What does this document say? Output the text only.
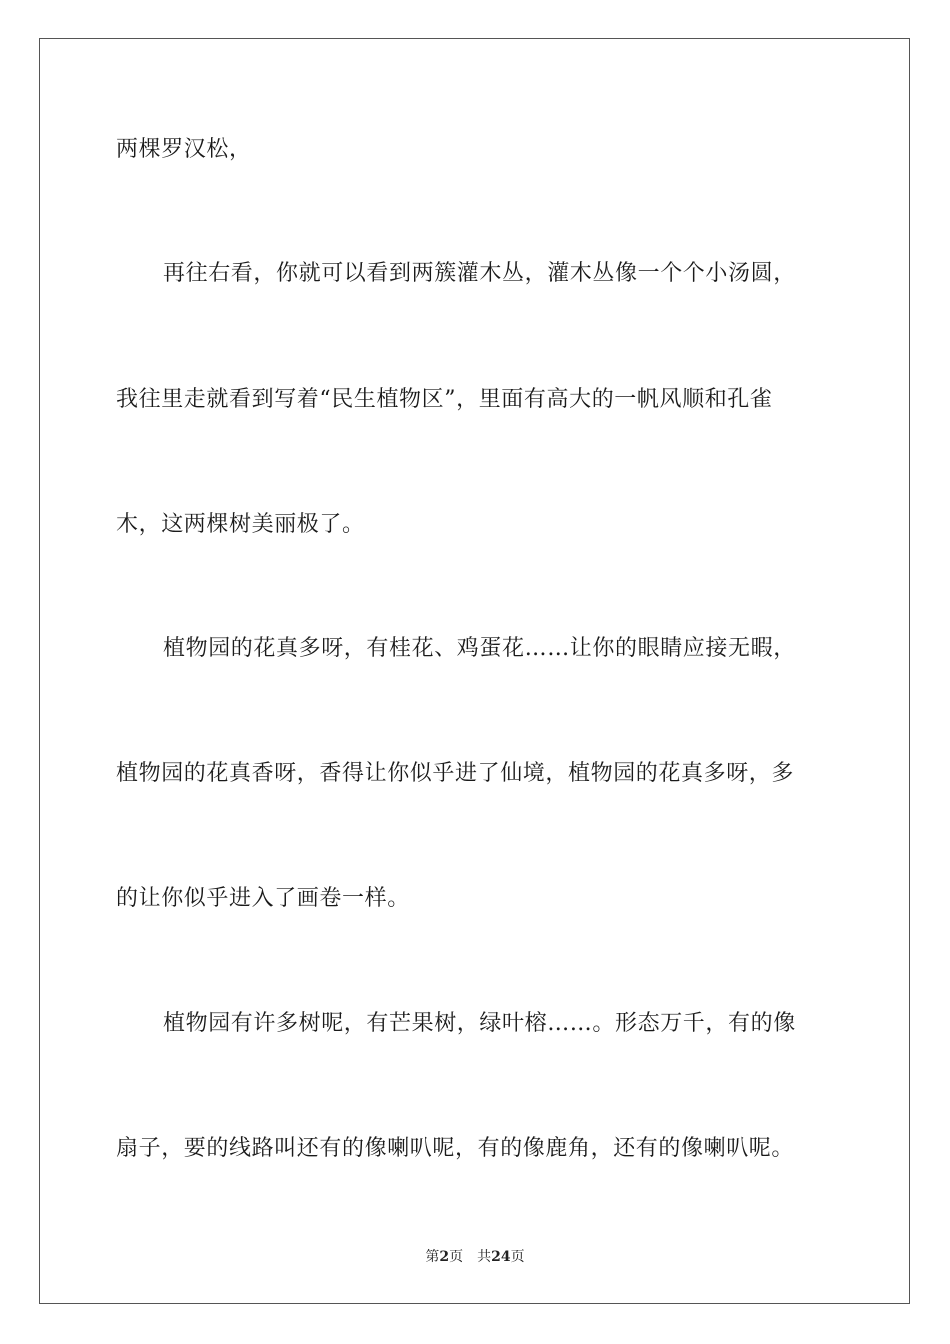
两棵罗汉松，
再往右看，你就可以看到两簇灌木丛，灌木丛像一个个小汤圆，
我往里走就看到写着“民生植物区”，里面有高大的一帆风顺和孔雀
木，这两棵树美丽极了。
植物园的花真多呀，有桂花、鸡蛋花……让你的眼睛应接无暇，
植物园的花真香呀，香得让你似乎进了仙境，植物园的花真多呀，多
的让你似乎进入了画卷一样。
植物园有许多树呢，有芒果树，绿叶榕……。形态万千，有的像
扇子，要的线路叫还有的像喇叭呢，有的像鹿角，还有的像喇叭呢。
第2页 共24页
